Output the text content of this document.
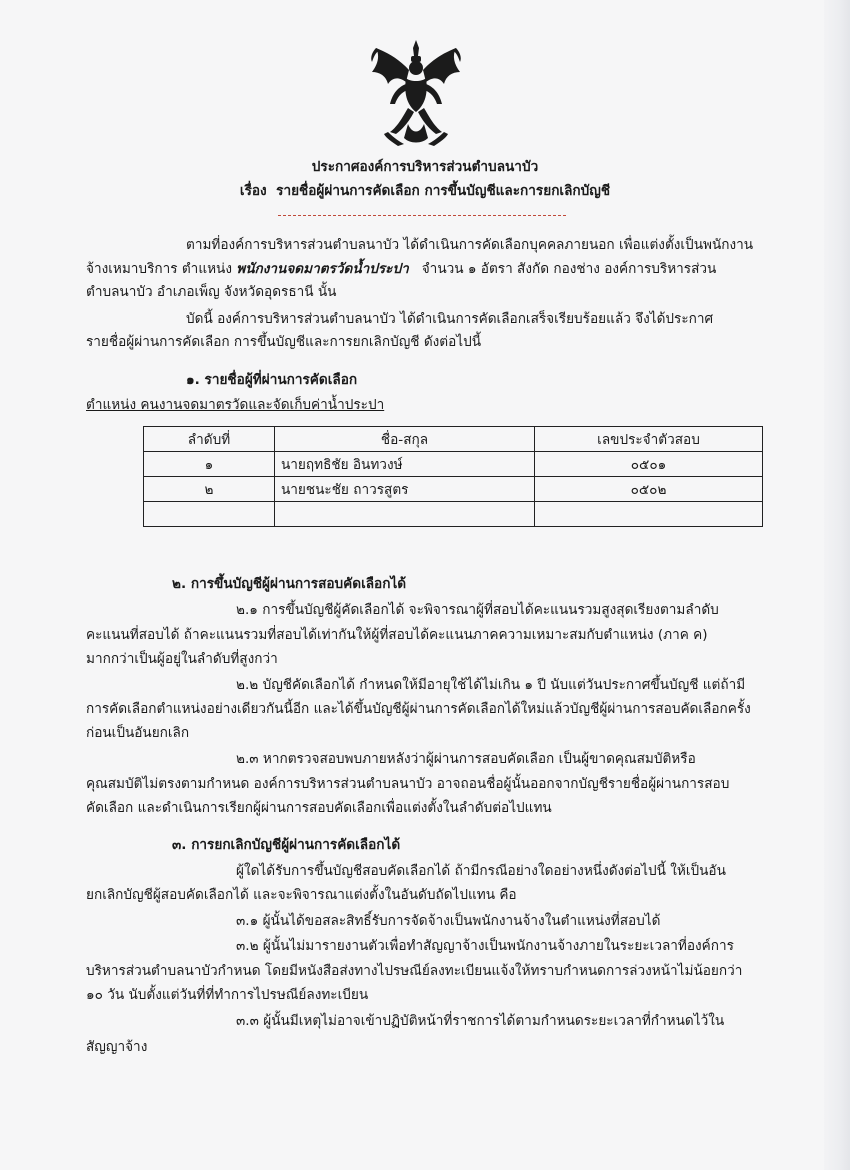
ประกาศองค์การบริหารส่วนตำบลนาบัว
เรื่อง รายชื่อผู้ผ่านการคัดเลือก การขึ้นบัญชีและการยกเลิกบัญชี
ตามที่องค์การบริหารส่วนตำบลนาบัว ได้ดำเนินการคัดเลือกบุคคลภายนอก เพื่อแต่งตั้งเป็นพนักงาน
จ้างเหมาบริการ ตำแหน่ง พนักงานจดมาตรวัดน้ำประปา จำนวน ๑ อัตรา สังกัด กองช่าง องค์การบริหารส่วน
ตำบลนาบัว อำเภอเพ็ญ จังหวัดอุดรธานี นั้น
บัดนี้ องค์การบริหารส่วนตำบลนาบัว ได้ดำเนินการคัดเลือกเสร็จเรียบร้อยแล้ว จึงได้ประกาศ
รายชื่อผู้ผ่านการคัดเลือก การขึ้นบัญชีและการยกเลิกบัญชี ดังต่อไปนี้
๑. รายชื่อผู้ที่ผ่านการคัดเลือก
ตำแหน่ง คนงานจดมาตรวัดและจัดเก็บค่าน้ำประปา
ลำดับที่	ชื่อ-สกุล	เลขประจำตัวสอบ
๑	นายฤทธิชัย อินทวงษ์	๐๕๐๑
๒	นายชนะชัย ถาวรสูตร	๐๕๐๒

๒. การขึ้นบัญชีผู้ผ่านการสอบคัดเลือกได้
๒.๑ การขึ้นบัญชีผู้คัดเลือกได้ จะพิจารณาผู้ที่สอบได้คะแนนรวมสูงสุดเรียงตามลำดับ
คะแนนที่สอบได้ ถ้าคะแนนรวมที่สอบได้เท่ากันให้ผู้ที่สอบได้คะแนนภาคความเหมาะสมกับตำแหน่ง (ภาค ค)
มากกว่าเป็นผู้อยู่ในลำดับที่สูงกว่า
๒.๒ บัญชีคัดเลือกได้ กำหนดให้มีอายุใช้ได้ไม่เกิน ๑ ปี นับแต่วันประกาศขึ้นบัญชี แต่ถ้ามี
การคัดเลือกตำแหน่งอย่างเดียวกันนี้อีก และได้ขึ้นบัญชีผู้ผ่านการคัดเลือกได้ใหม่แล้วบัญชีผู้ผ่านการสอบคัดเลือกครั้ง
ก่อนเป็นอันยกเลิก
๒.๓ หากตรวจสอบพบภายหลังว่าผู้ผ่านการสอบคัดเลือก เป็นผู้ขาดคุณสมบัติหรือ
คุณสมบัติไม่ตรงตามกำหนด องค์การบริหารส่วนตำบลนาบัว อาจถอนชื่อผู้นั้นออกจากบัญชีรายชื่อผู้ผ่านการสอบ
คัดเลือก และดำเนินการเรียกผู้ผ่านการสอบคัดเลือกเพื่อแต่งตั้งในลำดับต่อไปแทน
๓. การยกเลิกบัญชีผู้ผ่านการคัดเลือกได้
ผู้ใดได้รับการขึ้นบัญชีสอบคัดเลือกได้ ถ้ามีกรณีอย่างใดอย่างหนึ่งดังต่อไปนี้ ให้เป็นอัน
ยกเลิกบัญชีผู้สอบคัดเลือกได้ และจะพิจารณาแต่งตั้งในอันดับถัดไปแทน คือ
๓.๑ ผู้นั้นได้ขอสละสิทธิ์รับการจัดจ้างเป็นพนักงานจ้างในตำแหน่งที่สอบได้
๓.๒ ผู้นั้นไม่มารายงานตัวเพื่อทำสัญญาจ้างเป็นพนักงานจ้างภายในระยะเวลาที่องค์การ
บริหารส่วนตำบลนาบัวกำหนด โดยมีหนังสือส่งทางไปรษณีย์ลงทะเบียนแจ้งให้ทราบกำหนดการล่วงหน้าไม่น้อยกว่า
๑๐ วัน นับตั้งแต่วันที่ที่ทำการไปรษณีย์ลงทะเบียน
๓.๓ ผู้นั้นมีเหตุไม่อาจเข้าปฏิบัติหน้าที่ราชการได้ตามกำหนดระยะเวลาที่กำหนดไว้ใน
สัญญาจ้าง
